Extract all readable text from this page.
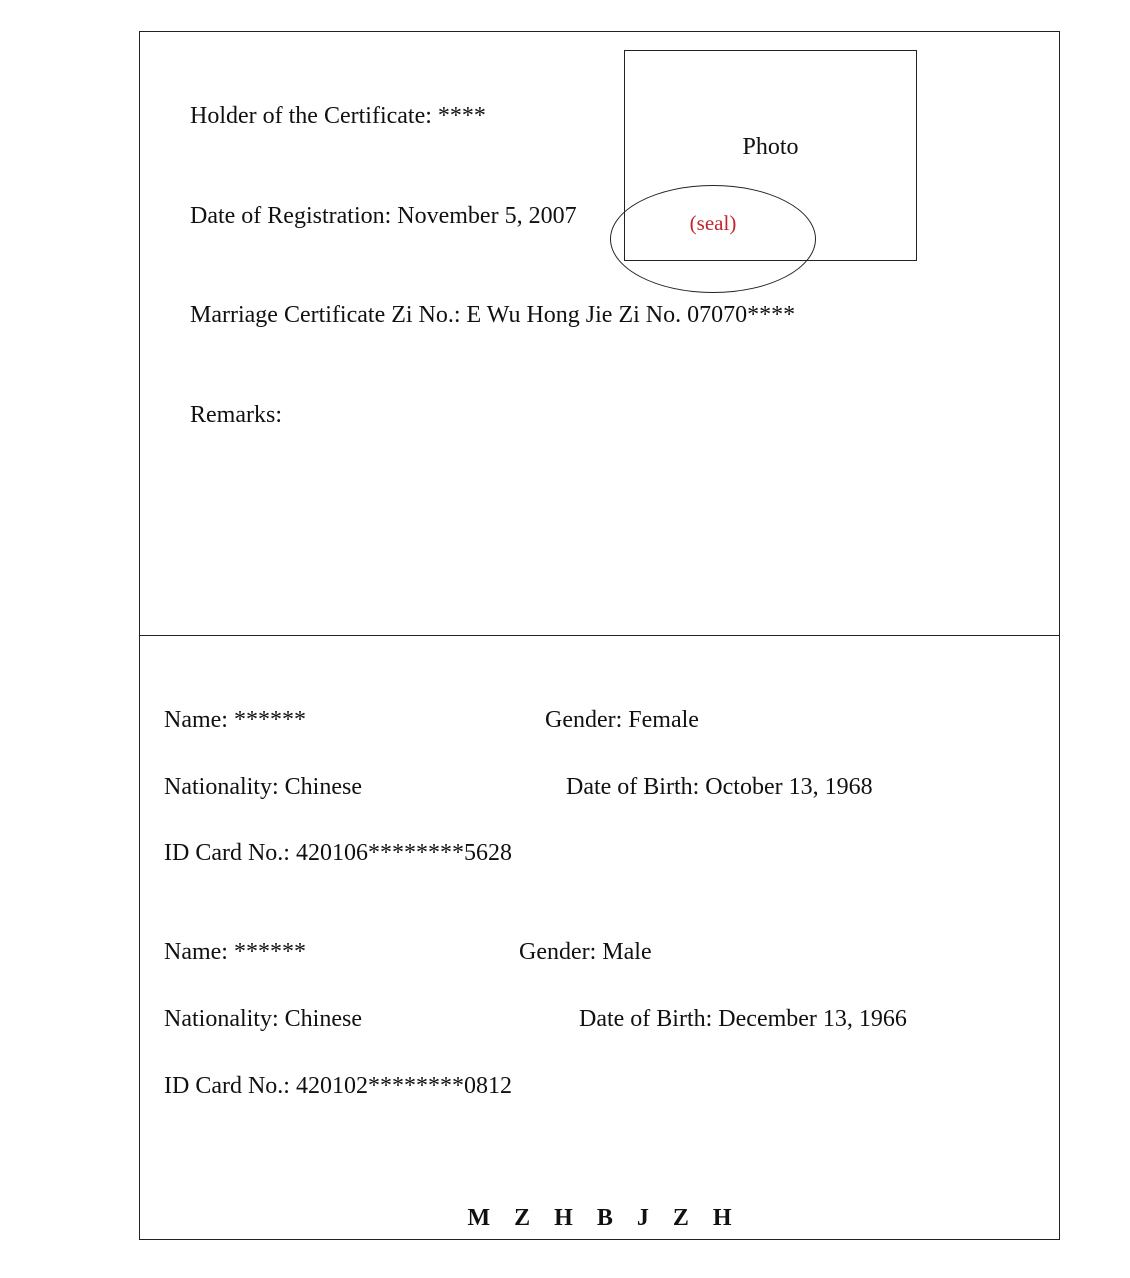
Holder of the Certificate: ****
Date of Registration: November 5, 2007
Photo
(seal)
Marriage Certificate Zi No.: E Wu Hong Jie Zi No. 07070****
Remarks:
Name: ******	Gender: Female
Nationality: Chinese	Date of Birth: October 13, 1968
ID Card No.: 420106********5628
Name: ******	Gender: Male
Nationality: Chinese	Date of Birth: December 13, 1966
ID Card No.: 420102********0812
M Z H B J Z H
